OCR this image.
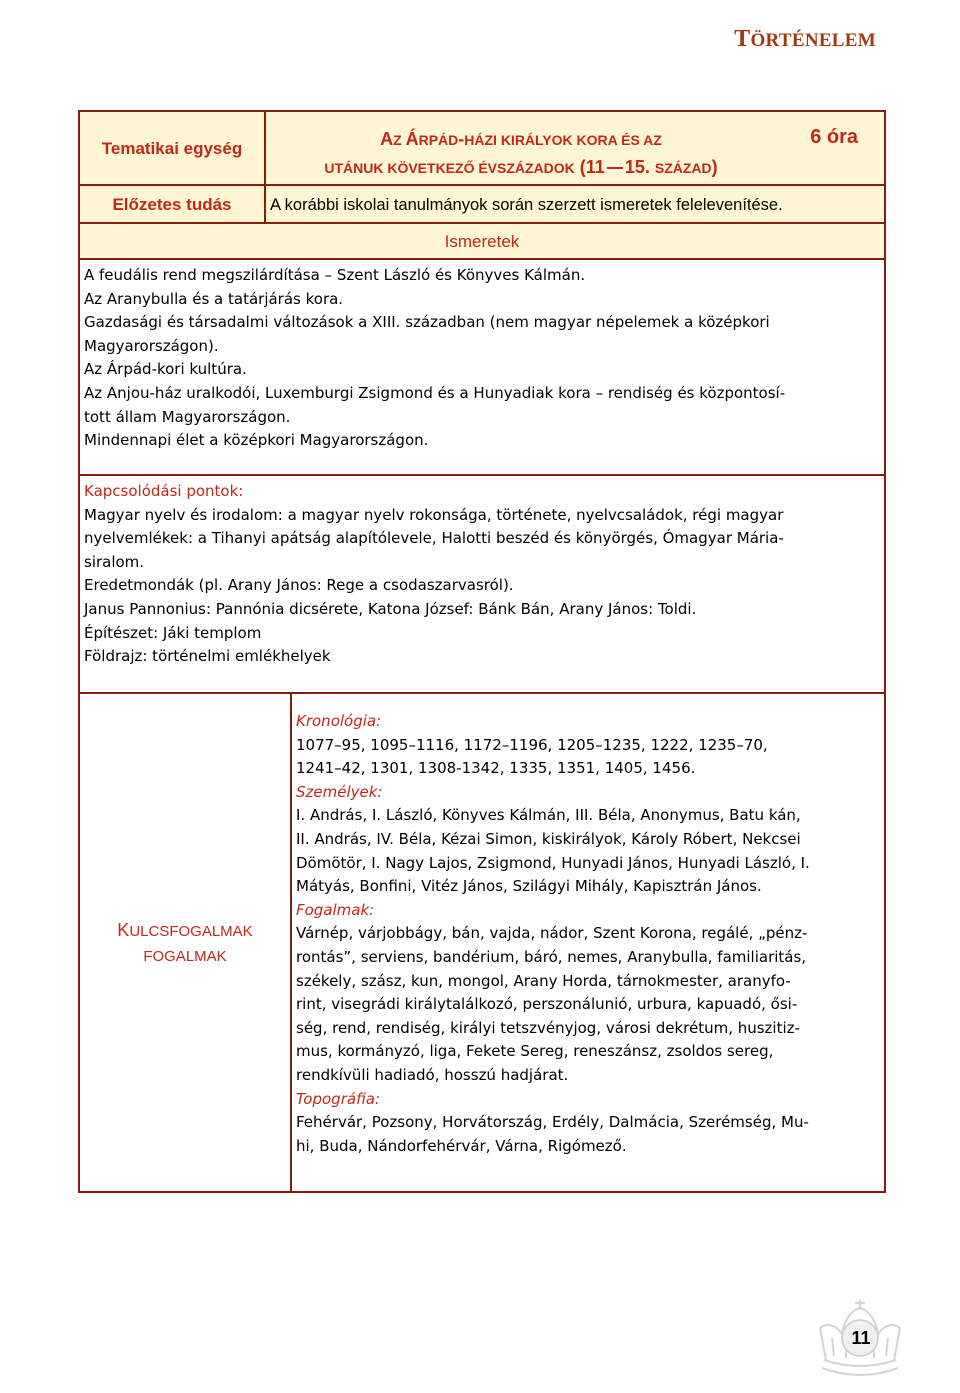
TÖRTÉNELEM
Tematikai egység	AZ ÁRPÁD-HÁZI KIRÁLYOK KORA ÉS AZ
UTÁNUK KÖVETKEZŐ ÉVSZÁZADOK (11 15. SZÁZAD)
6 óra
Előzetes tudás	A korábbi iskolai tanulmányok során szerzett ismeretek felelevenítése.
Ismeretek

A feudális rend megszilárdítása – Szent László és Könyves Kálmán.

Az Aranybulla és a tatárjárás kora.

Gazdasági és társadalmi változások a XIII. században (nem magyar népelemek a középkori

Magyarországon).

Az Árpád-kori kultúra.

Az Anjou-ház uralkodói, Luxemburgi Zsigmond és a Hunyadiak kora – rendiség és központosí-

tott állam Magyarországon.

Mindennapi élet a középkori Magyarországon.

Kapcsolódási pontok:

Magyar nyelv és irodalom: a magyar nyelv rokonsága, története, nyelvcsaládok, régi magyar

nyelvemlékek: a Tihanyi apátság alapítólevele, Halotti beszéd és könyörgés, Ómagyar Mária-

siralom.

Eredetmondák (pl. Arany János: Rege a csodaszarvasról).

Janus Pannonius: Pannónia dicsérete, Katona József: Bánk Bán, Arany János: Toldi.

Építészet: Jáki templom

Földrajz: történelmi emlékhelyek

KULCSFOGALMAK
FOGALMAK

Kronológia:

1077–95, 1095–1116, 1172–1196, 1205–1235, 1222, 1235–70,

1241–42, 1301, 1308-1342, 1335, 1351, 1405, 1456.

Személyek:

I. András, I. László, Könyves Kálmán, III. Béla, Anonymus, Batu kán,

II. András, IV. Béla, Kézai Simon, kiskirályok, Károly Róbert, Nekcsei

Dömötör, I. Nagy Lajos, Zsigmond, Hunyadi János, Hunyadi László, I.

Mátyás, Bonfini, Vitéz János, Szilágyi Mihály, Kapisztrán János.

Fogalmak:

Várnép, várjobbágy, bán, vajda, nádor, Szent Korona, regálé, „pénz-

rontás”, serviens, bandérium, báró, nemes, Aranybulla, familiaritás,

székely, szász, kun, mongol, Arany Horda, tárnokmester, aranyfo-

rint, visegrádi királytalálkozó, perszonálunió, urbura, kapuadó, ősi-

ség, rend, rendiség, királyi tetszvényjog, városi dekrétum, huszitiz-

mus, kormányzó, liga, Fekete Sereg, reneszánsz, zsoldos sereg,

rendkívüli hadiadó, hosszú hadjárat.

Topográfia:

Fehérvár, Pozsony, Horvátország, Erdély, Dalmácia, Szerémség, Mu-

hi, Buda, Nándorfehérvár, Várna, Rigómező.

11
